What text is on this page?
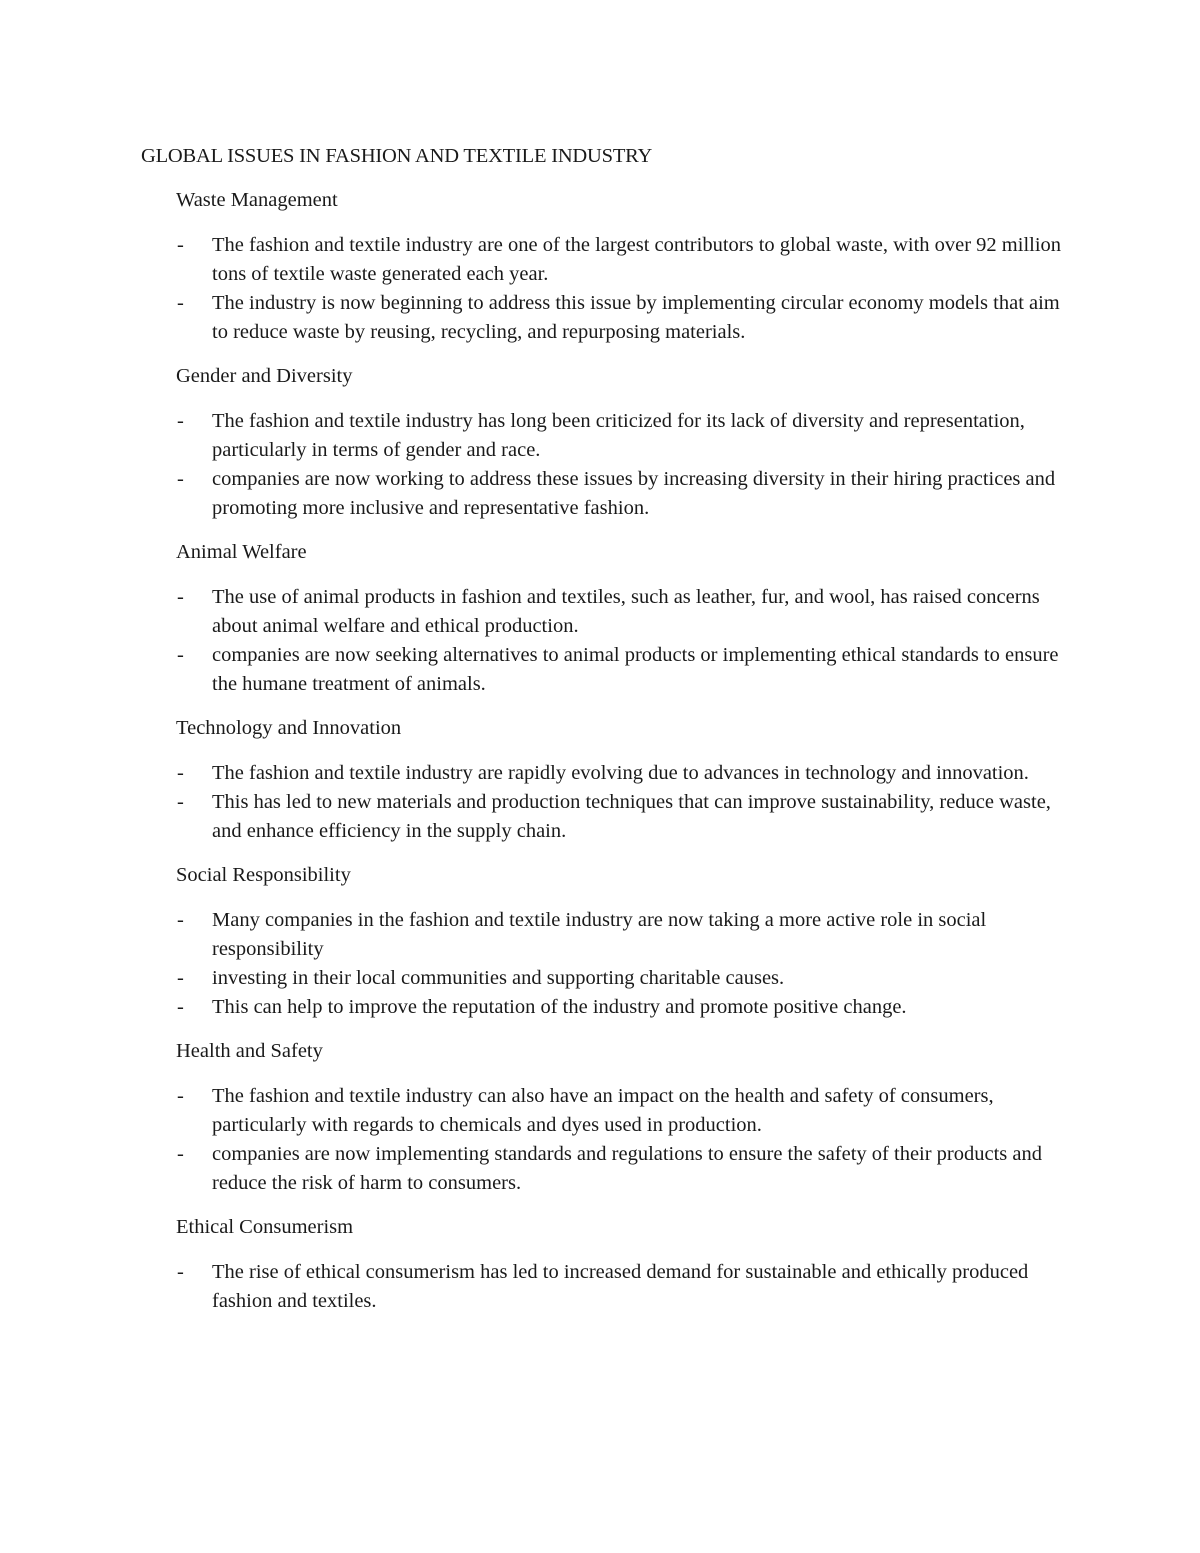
GLOBAL ISSUES IN FASHION AND TEXTILE INDUSTRY
Waste Management
- The fashion and textile industry are one of the largest contributors to global waste, with over 92 million tons of textile waste generated each year.
- The industry is now beginning to address this issue by implementing circular economy models that aim to reduce waste by reusing, recycling, and repurposing materials.
Gender and Diversity
- The fashion and textile industry has long been criticized for its lack of diversity and representation, particularly in terms of gender and race.
- companies are now working to address these issues by increasing diversity in their hiring practices and promoting more inclusive and representative fashion.
Animal Welfare
- The use of animal products in fashion and textiles, such as leather, fur, and wool, has raised concerns about animal welfare and ethical production.
- companies are now seeking alternatives to animal products or implementing ethical standards to ensure the humane treatment of animals.
Technology and Innovation
- The fashion and textile industry are rapidly evolving due to advances in technology and innovation.
- This has led to new materials and production techniques that can improve sustainability, reduce waste, and enhance efficiency in the supply chain.
Social Responsibility
- Many companies in the fashion and textile industry are now taking a more active role in social responsibility
- investing in their local communities and supporting charitable causes.
- This can help to improve the reputation of the industry and promote positive change.
Health and Safety
- The fashion and textile industry can also have an impact on the health and safety of consumers, particularly with regards to chemicals and dyes used in production.
- companies are now implementing standards and regulations to ensure the safety of their products and reduce the risk of harm to consumers.
Ethical Consumerism
- The rise of ethical consumerism has led to increased demand for sustainable and ethically produced fashion and textiles.
